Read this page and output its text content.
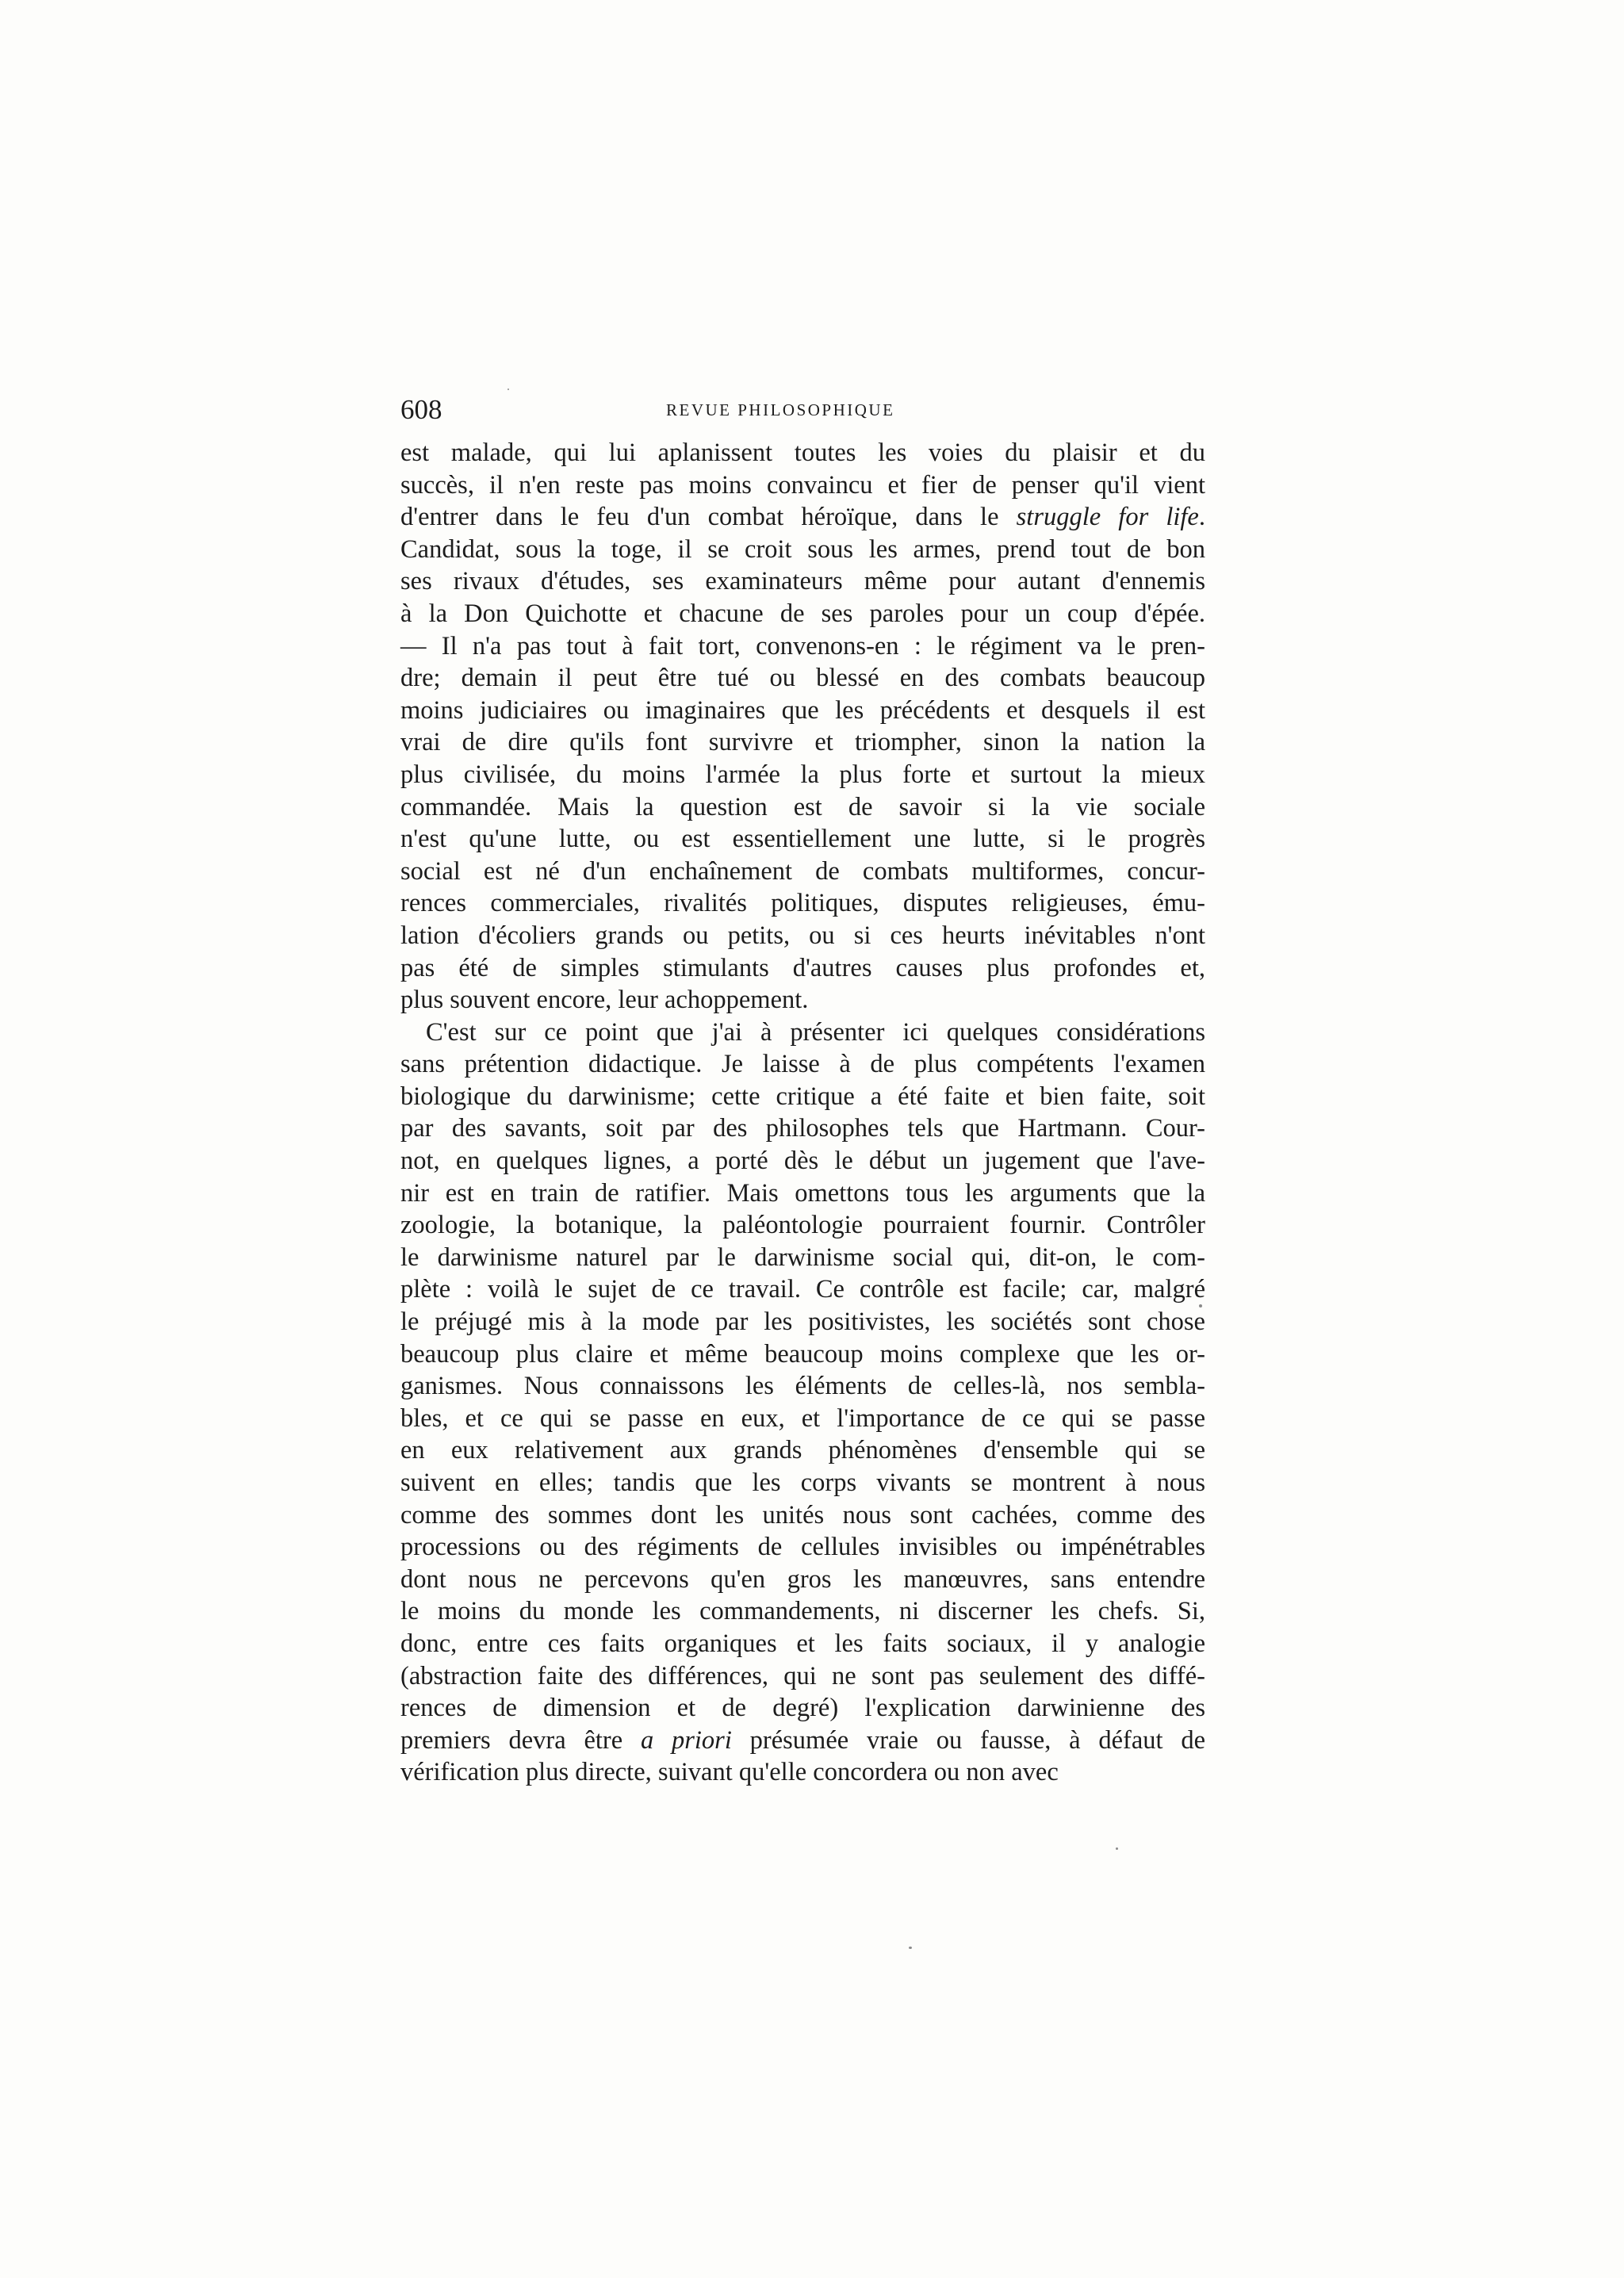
608	REVUE PHILOSOPHIQUE

est malade, qui lui aplanissent toutes les voies du plaisir et du
succès, il n'en reste pas moins convaincu et fier de penser qu'il vient
d'entrer dans le feu d'un combat héroïque, dans le struggle for life.
Candidat, sous la toge, il se croit sous les armes, prend tout de bon
ses rivaux d'études, ses examinateurs même pour autant d'ennemis
à la Don Quichotte et chacune de ses paroles pour un coup d'épée.
— Il n'a pas tout à fait tort, convenons-en : le régiment va le pren-
dre; demain il peut être tué ou blessé en des combats beaucoup
moins judiciaires ou imaginaires que les précédents et desquels il est
vrai de dire qu'ils font survivre et triompher, sinon la nation la
plus civilisée, du moins l'armée la plus forte et surtout la mieux
commandée. Mais la question est de savoir si la vie sociale
n'est qu'une lutte, ou est essentiellement une lutte, si le progrès
social est né d'un enchaînement de combats multiformes, concur-
rences commerciales, rivalités politiques, disputes religieuses, ému-
lation d'écoliers grands ou petits, ou si ces heurts inévitables n'ont
pas été de simples stimulants d'autres causes plus profondes et,
plus souvent encore, leur achoppement.

C'est sur ce point que j'ai à présenter ici quelques considérations
sans prétention didactique. Je laisse à de plus compétents l'examen
biologique du darwinisme; cette critique a été faite et bien faite, soit
par des savants, soit par des philosophes tels que Hartmann. Cour-
not, en quelques lignes, a porté dès le début un jugement que l'ave-
nir est en train de ratifier. Mais omettons tous les arguments que la
zoologie, la botanique, la paléontologie pourraient fournir. Contrôler
le darwinisme naturel par le darwinisme social qui, dit-on, le com-
plète : voilà le sujet de ce travail. Ce contrôle est facile; car, malgré
le préjugé mis à la mode par les positivistes, les sociétés sont chose
beaucoup plus claire et même beaucoup moins complexe que les or-
ganismes. Nous connaissons les éléments de celles-là, nos sembla-
bles, et ce qui se passe en eux, et l'importance de ce qui se passe
en eux relativement aux grands phénomènes d'ensemble qui se
suivent en elles; tandis que les corps vivants se montrent à nous
comme des sommes dont les unités nous sont cachées, comme des
processions ou des régiments de cellules invisibles ou impénétrables
dont nous ne percevons qu'en gros les manœuvres, sans entendre
le moins du monde les commandements, ni discerner les chefs. Si,
donc, entre ces faits organiques et les faits sociaux, il y analogie
(abstraction faite des différences, qui ne sont pas seulement des diffé-
rences de dimension et de degré) l'explication darwinienne des
premiers devra être a priori présumée vraie ou fausse, à défaut de
vérification plus directe, suivant qu'elle concordera ou non avec
